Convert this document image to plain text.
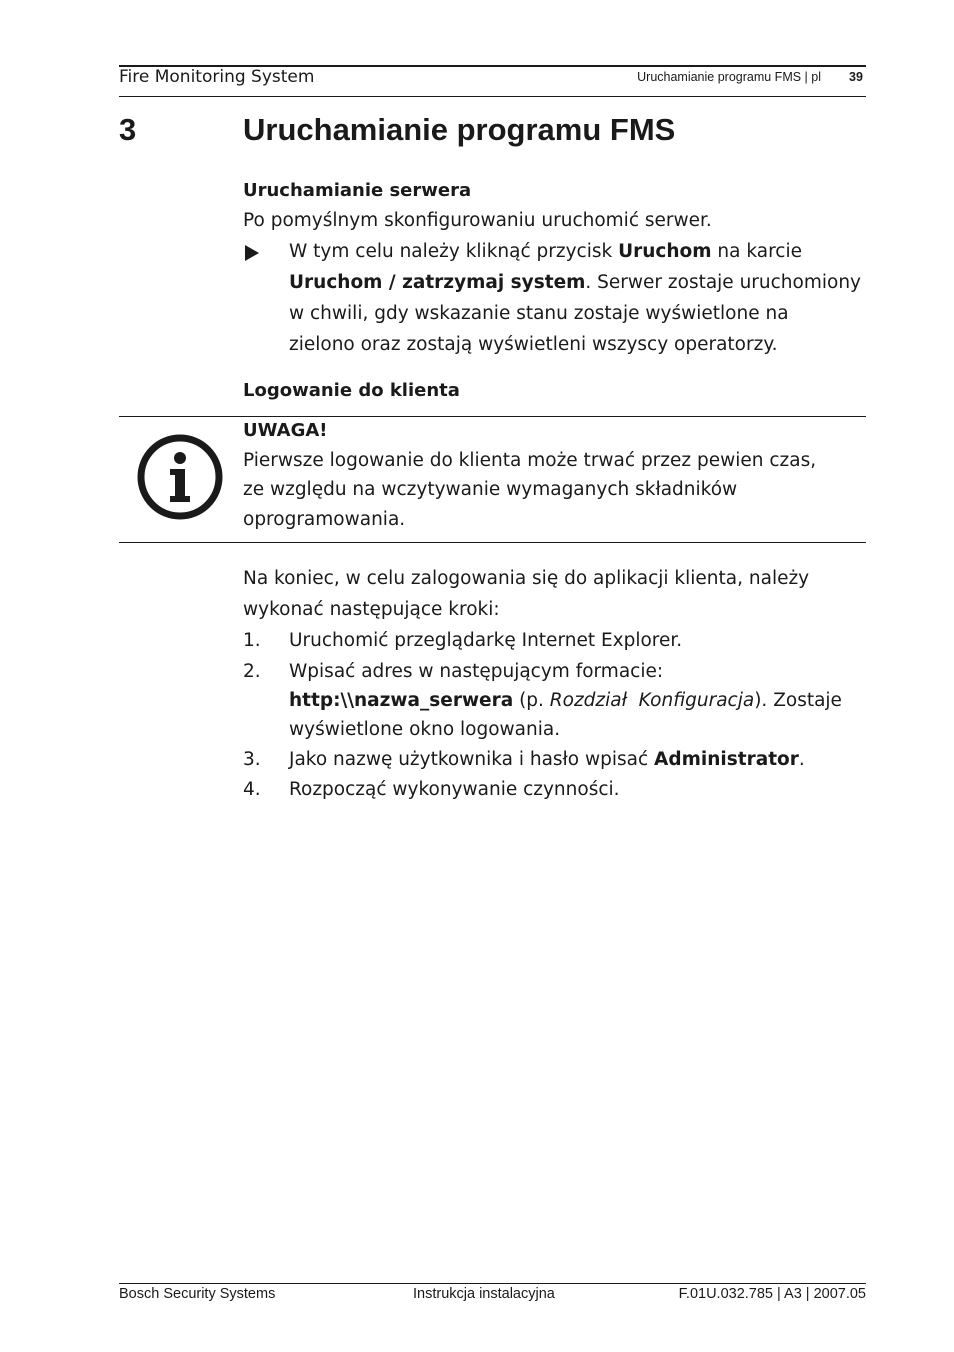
Fire Monitoring System	Uruchamianie programu FMS | pl 39
3	Uruchamianie programu FMS
Uruchamianie serwera
Po pomyślnym skonfigurowaniu uruchomić serwer.
W tym celu należy kliknąć przycisk Uruchom na karcie
Uruchom / zatrzymaj system. Serwer zostaje uruchomiony
w chwili, gdy wskazanie stanu zostaje wyświetlone na
zielono oraz zostają wyświetleni wszyscy operatorzy.
Logowanie do klienta
UWAGA!
Pierwsze logowanie do klienta może trwać przez pewien czas,
ze względu na wczytywanie wymaganych składników
oprogramowania.
Na koniec, w celu zalogowania się do aplikacji klienta, należy
wykonać następujące kroki:
1. Uruchomić przeglądarkę Internet Explorer.
2. Wpisać adres w następującym formacie:
http:\\nazwa_serwera (p. Rozdział  Konfiguracja). Zostaje
wyświetlone okno logowania.
3. Jako nazwę użytkownika i hasło wpisać Administrator.
4. Rozpocząć wykonywanie czynności.
Bosch Security Systems	Instrukcja instalacyjna	F.01U.032.785 | A3 | 2007.05
